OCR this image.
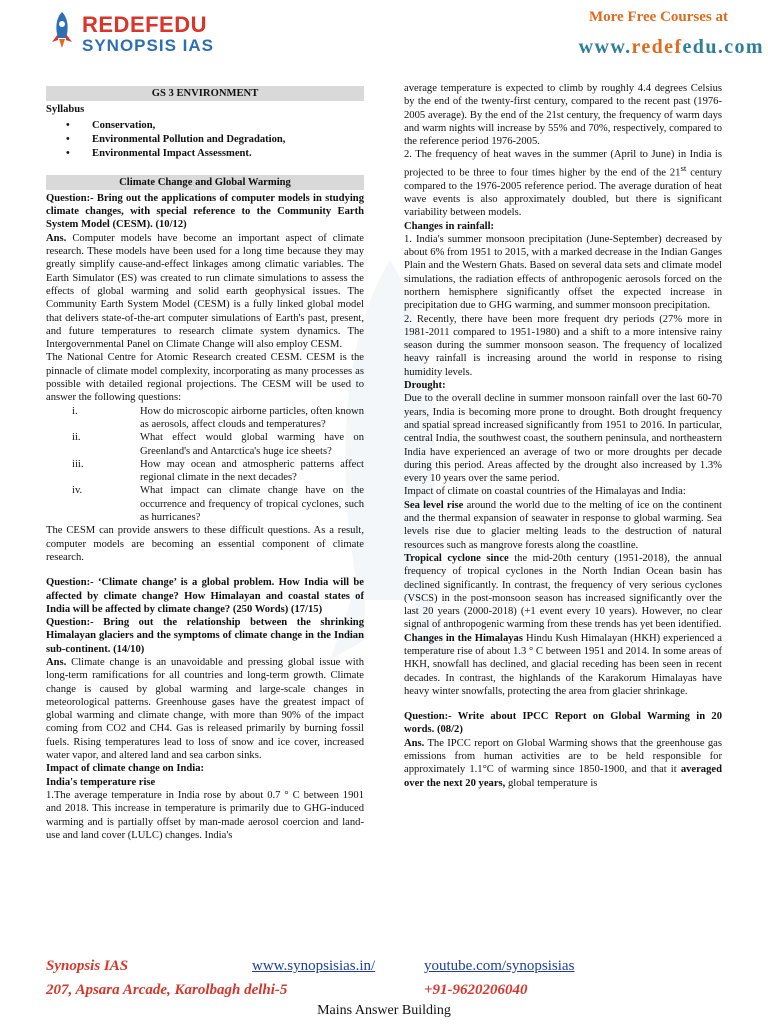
REDEFEDU
SYNOPSIS IAS
More Free Courses at
www.redefedu.com
GS 3 ENVIRONMENT

Syllabus

• Conservation,
• Environmental Pollution and Degradation,
• Environmental Impact Assessment.
Climate Change and Global Warming

Question:- Bring out the applications of computer models in studying climate changes, with special reference to the Community Earth System Model (CESM). (10/12)

Ans. Computer models have become an important aspect of climate research. These models have been used for a long time because they may greatly simplify cause-and-effect linkages among climatic variables. The Earth Simulator (ES) was created to run climate simulations to assess the effects of global warming and solid earth geophysical issues. The Community Earth System Model (CESM) is a fully linked global model that delivers state-of-the-art computer simulations of Earth's past, present, and future temperatures to research climate system dynamics. The Intergovernmental Panel on Climate Change will also employ CESM.

The National Centre for Atomic Research created CESM. CESM is the pinnacle of climate model complexity, incorporating as many processes as possible with detailed regional projections. The CESM will be used to answer the following questions:

i.	How do microscopic airborne particles, often known as aerosols, affect clouds and temperatures?
ii.	What effect would global warming have on Greenland's and Antarctica's huge ice sheets?
iii.	How may ocean and atmospheric patterns affect regional climate in the next decades?
iv.	What impact can climate change have on the occurrence and frequency of tropical cyclones, such as hurricanes?

The CESM can provide answers to these difficult questions. As a result, computer models are becoming an essential component of climate research.

Question:- ‘Climate change’ is a global problem. How India will be affected by climate change? How Himalayan and coastal states of India will be affected by climate change? (250 Words) (17/15)

Question:- Bring out the relationship between the shrinking Himalayan glaciers and the symptoms of climate change in the Indian sub-continent. (14/10)

Ans. Climate change is an unavoidable and pressing global issue with long-term ramifications for all countries and long-term growth. Climate change is caused by global warming and large-scale changes in meteorological patterns. Greenhouse gases have the greatest impact of global warming and climate change, with more than 90% of the impact coming from CO2 and CH4. Gas is released primarily by burning fossil fuels. Rising temperatures lead to loss of snow and ice cover, increased water vapor, and altered land and sea carbon sinks.

Impact of climate change on India:

India's temperature rise

1.The average temperature in India rose by about 0.7 ° C between 1901 and 2018. This increase in temperature is primarily due to GHG-induced warming and is partially offset by man-made aerosol coercion and land-use and land cover (LULC) changes. India's

average temperature is expected to climb by roughly 4.4 degrees Celsius by the end of the twenty-first century, compared to the recent past (1976-2005 average). By the end of the 21st century, the frequency of warm days and warm nights will increase by 55% and 70%, respectively, compared to the reference period 1976-2005.

2. The frequency of heat waves in the summer (April to June) in India is projected to be three to four times higher by the end of the 21st century compared to the 1976-2005 reference period. The average duration of heat wave events is also approximately doubled, but there is significant variability between models.

Changes in rainfall:

1. India's summer monsoon precipitation (June-September) decreased by about 6% from 1951 to 2015, with a marked decrease in the Indian Ganges Plain and the Western Ghats. Based on several data sets and climate model simulations, the radiation effects of anthropogenic aerosols forced on the northern hemisphere significantly offset the expected increase in precipitation due to GHG warming, and summer monsoon precipitation.

2. Recently, there have been more frequent dry periods (27% more in 1981-2011 compared to 1951-1980) and a shift to a more intensive rainy season during the summer monsoon season. The frequency of localized heavy rainfall is increasing around the world in response to rising humidity levels.

Drought:

Due to the overall decline in summer monsoon rainfall over the last 60-70 years, India is becoming more prone to drought. Both drought frequency and spatial spread increased significantly from 1951 to 2016. In particular, central India, the southwest coast, the southern peninsula, and northeastern India have experienced an average of two or more droughts per decade during this period. Areas affected by the drought also increased by 1.3% every 10 years over the same period.

Impact of climate on coastal countries of the Himalayas and India:

Sea level rise around the world due to the melting of ice on the continent and the thermal expansion of seawater in response to global warming. Sea levels rise due to glacier melting leads to the destruction of natural resources such as mangrove forests along the coastline.

Tropical cyclone since the mid-20th century (1951-2018), the annual frequency of tropical cyclones in the North Indian Ocean basin has declined significantly. In contrast, the frequency of very serious cyclones (VSCS) in the post-monsoon season has increased significantly over the last 20 years (2000-2018) (+1 event every 10 years). However, no clear signal of anthropogenic warming from these trends has yet been identified.

Changes in the Himalayas Hindu Kush Himalayan (HKH) experienced a temperature rise of about 1.3 ° C between 1951 and 2014. In some areas of HKH, snowfall has declined, and glacial receding has been seen in recent decades. In contrast, the highlands of the Karakorum Himalayas have heavy winter snowfalls, protecting the area from glacier shrinkage.

Question:- Write about IPCC Report on Global Warming in 20 words. (08/2)

Ans. The IPCC report on Global Warming shows that the greenhouse gas emissions from human activities are to be held responsible for approximately 1.1°C of warming since 1850-1900, and that it averaged over the next 20 years, global temperature is

Synopsis IAS	www.synopsisias.in/	youtube.com/synopsisias
207, Apsara Arcade, Karolbagh delhi-5	+91-9620206040
Mains Answer Building
